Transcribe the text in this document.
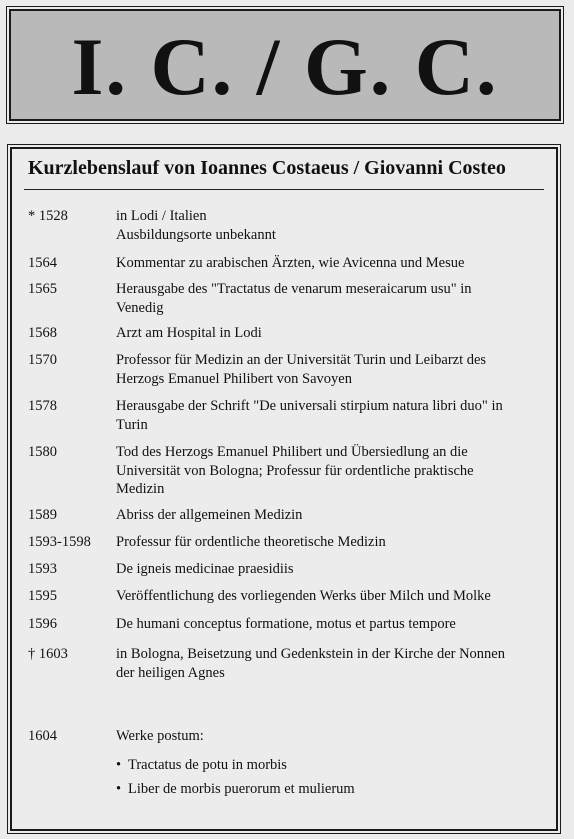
I. C. / G. C.
Kurzlebenslauf von Ioannes Costaeus / Giovanni Costeo
* 1528	in Lodi / Italien
Ausbildungsorte unbekannt
1564	Kommentar zu arabischen Ärzten, wie Avicenna und Mesue
1565	Herausgabe des "Tractatus de venarum meseraicarum usu" in
Venedig
1568	Arzt am Hospital in Lodi
1570	Professor für Medizin an der Universität Turin und Leibarzt des
Herzogs Emanuel Philibert von Savoyen
1578	Herausgabe der Schrift "De universali stirpium natura libri duo" in
Turin
1580	Tod des Herzogs Emanuel Philibert und Übersiedlung an die
Universität von Bologna; Professur für ordentliche praktische
Medizin
1589	Abriss der allgemeinen Medizin
1593-1598	Professur für ordentliche theoretische Medizin
1593	De igneis medicinae praesidiis
1595	Veröffentlichung des vorliegenden Werks über Milch und Molke
1596	De humani conceptus formatione, motus et partus tempore
† 1603	in Bologna, Beisetzung und Gedenkstein in der Kirche der Nonnen
der heiligen Agnes
1604	Werke postum:
• Tractatus de potu in morbis
• Liber de morbis puerorum et mulierum
